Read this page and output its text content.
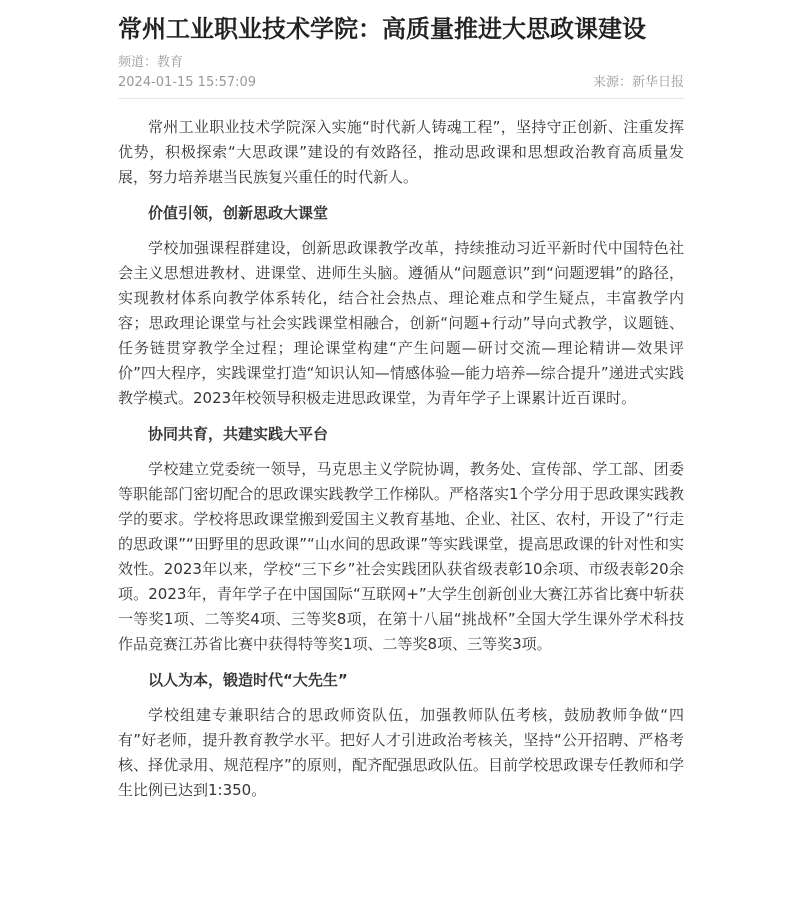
常州工业职业技术学院：高质量推进大思政课建设
频道：教育
2024-01-15 15:57:09	来源：新华日报

常州工业职业技术学院深入实施“时代新人铸魂工程”，坚持守正创新、注重发挥优势，积极探索“大思政课”建设的有效路径，推动思政课和思想政治教育高质量发展，努力培养堪当民族复兴重任的时代新人。

价值引领，创新思政大课堂

学校加强课程群建设，创新思政课教学改革，持续推动习近平新时代中国特色社会主义思想进教材、进课堂、进师生头脑。遵循从“问题意识”到“问题逻辑”的路径，实现教材体系向教学体系转化，结合社会热点、理论难点和学生疑点，丰富教学内容；思政理论课堂与社会实践课堂相融合，创新“问题+行动”导向式教学，议题链、任务链贯穿教学全过程；理论课堂构建“产生问题—研讨交流—理论精讲—效果评价”四大程序，实践课堂打造“知识认知—情感体验—能力培养—综合提升”递进式实践教学模式。2023年校领导积极走进思政课堂，为青年学子上课累计近百课时。

协同共育，共建实践大平台

学校建立党委统一领导，马克思主义学院协调，教务处、宣传部、学工部、团委等职能部门密切配合的思政课实践教学工作梯队。严格落实1个学分用于思政课实践教学的要求。学校将思政课堂搬到爱国主义教育基地、企业、社区、农村，开设了“行走的思政课”“田野里的思政课”“山水间的思政课”等实践课堂，提高思政课的针对性和实效性。2023年以来，学校“三下乡”社会实践团队获省级表彰10余项、市级表彰20余项。2023年，青年学子在中国国际“互联网+”大学生创新创业大赛江苏省比赛中斩获一等奖1项、二等奖4项、三等奖8项，在第十八届“挑战杯”全国大学生课外学术科技作品竞赛江苏省比赛中获得特等奖1项、二等奖8项、三等奖3项。

以人为本，锻造时代“大先生”

学校组建专兼职结合的思政师资队伍，加强教师队伍考核，鼓励教师争做“四有”好老师，提升教育教学水平。把好人才引进政治考核关，坚持“公开招聘、严格考核、择优录用、规范程序”的原则，配齐配强思政队伍。目前学校思政课专任教师和学生比例已达到1:350。
